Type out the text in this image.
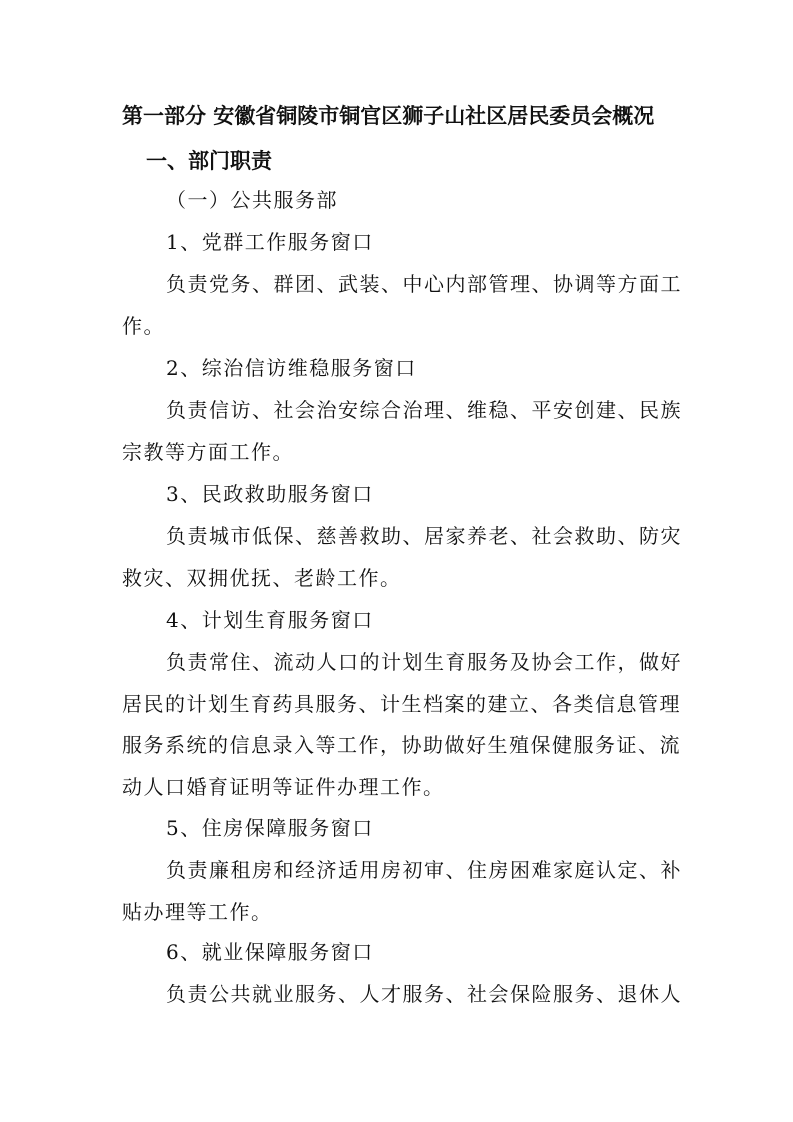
第一部分 安徽省铜陵市铜官区狮子山社区居民委员会概况
一、部门职责

（一）公共服务部

1、党群工作服务窗口

负责党务、群团、武装、中心内部管理、协调等方面工作。

2、综治信访维稳服务窗口

负责信访、社会治安综合治理、维稳、平安创建、民族宗教等方面工作。

3、民政救助服务窗口

负责城市低保、慈善救助、居家养老、社会救助、防灾救灾、双拥优抚、老龄工作。

4、计划生育服务窗口

负责常住、流动人口的计划生育服务及协会工作，做好居民的计划生育药具服务、计生档案的建立、各类信息管理服务系统的信息录入等工作，协助做好生殖保健服务证、流动人口婚育证明等证件办理工作。

5、住房保障服务窗口

负责廉租房和经济适用房初审、住房困难家庭认定、补贴办理等工作。

6、就业保障服务窗口

负责公共就业服务、人才服务、社会保险服务、退休人
